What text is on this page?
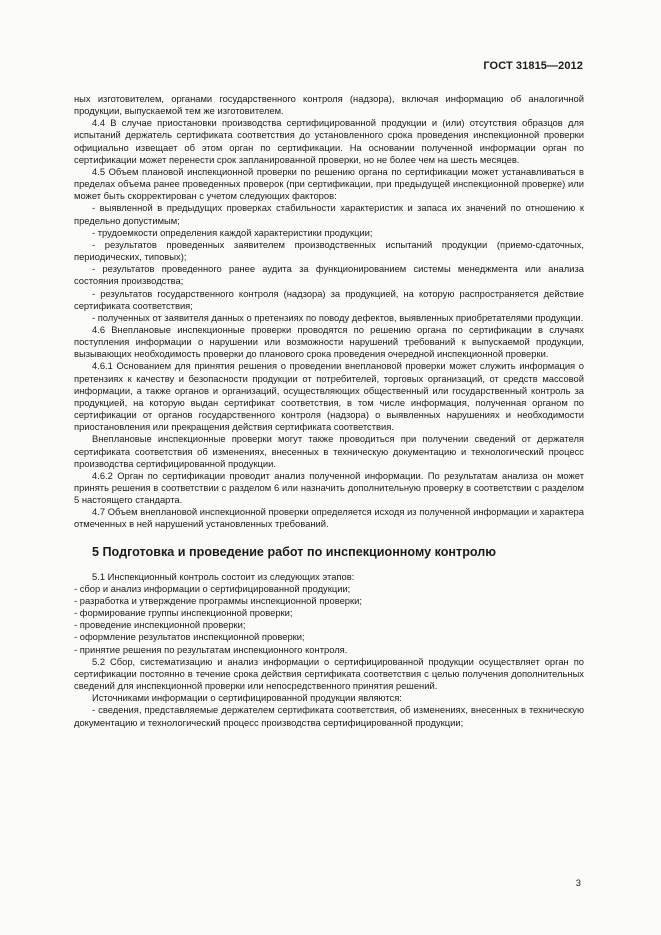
ГОСТ 31815—2012

ных изготовителем, органами государственного контроля (надзора), включая информацию об аналогичной продукции, выпускаемой тем же изготовителем.

4.4 В случае приостановки производства сертифицированной продукции и (или) отсутствия образцов для испытаний держатель сертификата соответствия до установленного срока проведения инспекционной проверки официально извещает об этом орган по сертификации. На основании полученной информации орган по сертификации может перенести срок запланированной проверки, но не более чем на шесть месяцев.

4.5 Объем плановой инспекционной проверки по решению органа по сертификации может устанавливаться в пределах объема ранее проведенных проверок (при сертификации, при предыдущей инспекционной проверке) или может быть скорректирован с учетом следующих факторов:

- выявленной в предыдущих проверках стабильности характеристик и запаса их значений по отношению к предельно допустимым;

- трудоемкости определения каждой характеристики продукции;

- результатов проведенных заявителем производственных испытаний продукции (приемо-сдаточных, периодических, типовых);

- результатов проведенного ранее аудита за функционированием системы менеджмента или анализа состояния производства;

- результатов государственного контроля (надзора) за продукцией, на которую распространяется действие сертификата соответствия;

- полученных от заявителя данных о претензиях по поводу дефектов, выявленных приобретателями продукции.

4.6 Внеплановые инспекционные проверки проводятся по решению органа по сертификации в случаях поступления информации о нарушении или возможности нарушений требований к выпускаемой продукции, вызывающих необходимость проверки до планового срока проведения очередной инспекционной проверки.

4.6.1 Основанием для принятия решения о проведении внеплановой проверки может служить информация о претензиях к качеству и безопасности продукции от потребителей, торговых организаций, от средств массовой информации, а также органов и организаций, осуществляющих общественный или государственный контроль за продукцией, на которую выдан сертификат соответствия, в том числе информация, полученная органом по сертификации от органов государственного контроля (надзора) о выявленных нарушениях и необходимости приостановления или прекращения действия сертификата соответствия.

Внеплановые инспекционные проверки могут также проводиться при получении сведений от держателя сертификата соответствия об изменениях, внесенных в техническую документацию и технологический процесс производства сертифицированной продукции.

4.6.2 Орган по сертификации проводит анализ полученной информации. По результатам анализа он может принять решения в соответствии с разделом 6 или назначить дополнительную проверку в соответствии с разделом 5 настоящего стандарта.

4.7 Объем внеплановой инспекционной проверки определяется исходя из полученной информации и характера отмеченных в ней нарушений установленных требований.

5 Подготовка и проведение работ по инспекционному контролю

5.1 Инспекционный контроль состоит из следующих этапов:

- сбор и анализ информации о сертифицированной продукции;

- разработка и утверждение программы инспекционной проверки;

- формирование группы инспекционной проверки;

- проведение инспекционной проверки;

- оформление результатов инспекционной проверки;

- принятие решения по результатам инспекционного контроля.

5.2 Сбор, систематизацию и анализ информации о сертифицированной продукции осуществляет орган по сертификации постоянно в течение срока действия сертификата соответствия с целью получения дополнительных сведений для инспекционной проверки или непосредственного принятия решений.

Источниками информации о сертифицированной продукции являются:

- сведения, представляемые держателем сертификата соответствия, об изменениях, внесенных в техническую документацию и технологический процесс производства сертифицированной продукции;

3
